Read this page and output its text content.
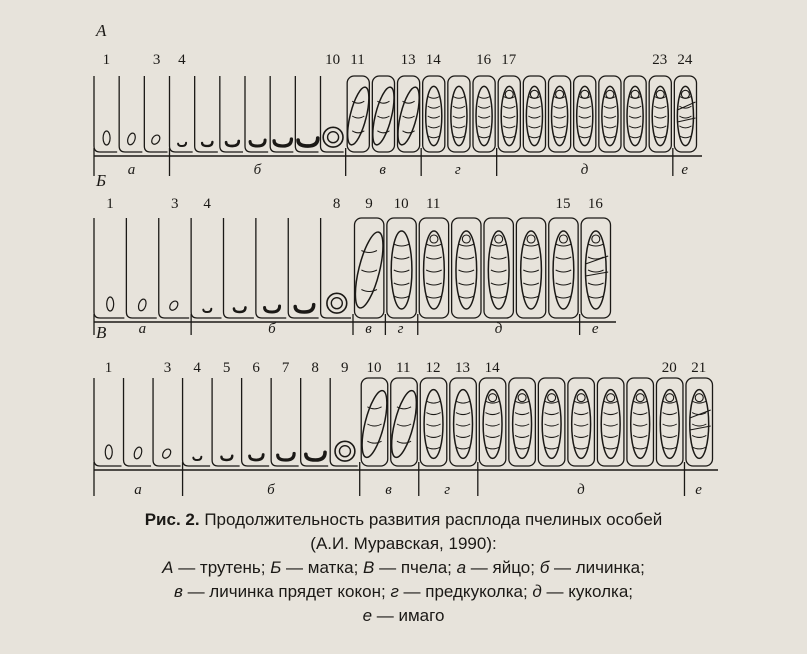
А
1	3 4	10 11 13 14 16 17	23 24
а	б	в	г	д	е
Б
1	3 4	8 9 10 11	15 16
а	б	в г	д	е
В
1	3 4 5 6 7 8 9 10 11 12 13 14	20 21
а	б	в	г	д	е
Рис. 2. Продолжительность развития расплода пчелиных особей
(А.И. Муравская, 1990):
А — трутень; Б — матка; В — пчела; а — яйцо; б — личинка;
в — личинка прядет кокон; г — предкуколка; д — куколка;
е — имаго
